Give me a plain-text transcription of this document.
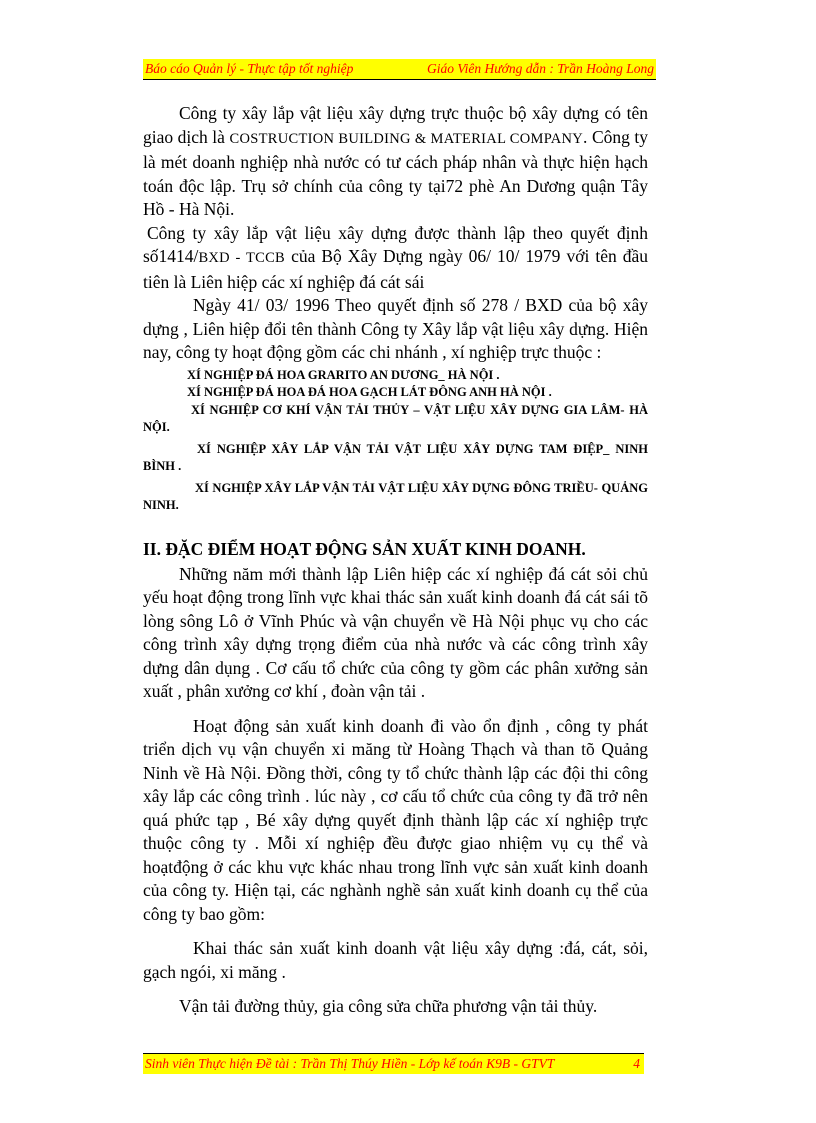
Báo cáo Quản lý - Thực tập tốt nghiệp	Giáo Viên Hướng dẫn : Trần Hoàng Long

Công ty xây lắp vật liệu xây dựng trực thuộc bộ xây dựng có tên giao dịch là COSTRUCTION BUILDING & MATERIAL COMPANY. Công ty là mét doanh nghiệp nhà nước có tư cách pháp nhân và thực hiện hạch toán độc lập. Trụ sở chính của công ty tại72 phè An Dương quận Tây Hồ - Hà Nội.

Công ty xây lắp vật liệu xây dựng được thành lập theo quyết định số1414/BXD - TCCB của Bộ Xây Dựng ngày 06/ 10/ 1979 với tên đầu tiên là Liên hiệp các xí nghiệp đá cát sái

Ngày 41/ 03/ 1996 Theo quyết định số 278 / BXD của bộ xây dựng , Liên hiệp đổi tên thành Công ty Xây lắp vật liệu xây dựng. Hiện nay, công ty hoạt động gồm các chi nhánh , xí nghiệp trực thuộc :

XÍ NGHIỆP ĐÁ HOA GRARITO AN DƯƠNG_ HÀ NỘI .

XÍ NGHIỆP ĐÁ HOA ĐÁ HOA GẠCH LÁT ĐÔNG ANH HÀ NỘI .

XÍ NGHIỆP CƠ KHÍ VẬN TẢI THỦY – VẬT LIỆU XÂY DỰNG GIA LÂM- HÀ NỘI.

XÍ NGHIỆP XÂY LẮP VẬN TẢI VẬT LIỆU XÂY DỰNG TAM ĐIỆP_ NINH BÌNH .

XÍ NGHIỆP XÂY LẮP VẬN TẢI VẬT LIỆU XÂY DỰNG ĐÔNG TRIỀU- QUẢNG NINH.

II. ĐẶC ĐIỂM HOẠT ĐỘNG SẢN XUẤT KINH DOANH.

Những năm mới thành lập Liên hiệp các xí nghiệp đá cát sỏi chủ yếu hoạt động trong lĩnh vực khai thác sản xuất kinh doanh đá cát sái tõ lòng sông Lô ở Vĩnh Phúc và vận chuyển về Hà Nội phục vụ cho các công trình xây dựng trọng điểm của nhà nước và các công trình xây dựng dân dụng . Cơ cấu tổ chức của công ty gồm các phân xưởng sản xuất , phân xưởng cơ khí , đoàn vận tải .

Hoạt động sản xuất kinh doanh đi vào ổn định , công ty phát triển dịch vụ vận chuyển xi măng từ Hoàng Thạch và than tõ Quảng Ninh về Hà Nội. Đồng thời, công ty tổ chức thành lập các đội thi công xây lắp các công trình . lúc này , cơ cấu tổ chức của công ty đã trở nên quá phức tạp , Bé xây dựng quyết định thành lập các xí nghiệp trực thuộc công ty . Mỗi xí nghiệp đều được giao nhiệm vụ cụ thể và hoạtđộng ở các khu vực khác nhau trong lĩnh vực sản xuất kinh doanh của công ty. Hiện tại, các nghành nghề sản xuất kinh doanh cụ thể của công ty bao gồm:

Khai thác sản xuất kinh doanh vật liệu xây dựng :đá, cát, sỏi, gạch ngói, xi măng .

Vận tải đường thủy, gia công sửa chữa phương vận tải thủy.

Sinh viên Thực hiện Đề tài : Trần Thị Thúy Hiền - Lớp kế toán K9B - GTVT	4
